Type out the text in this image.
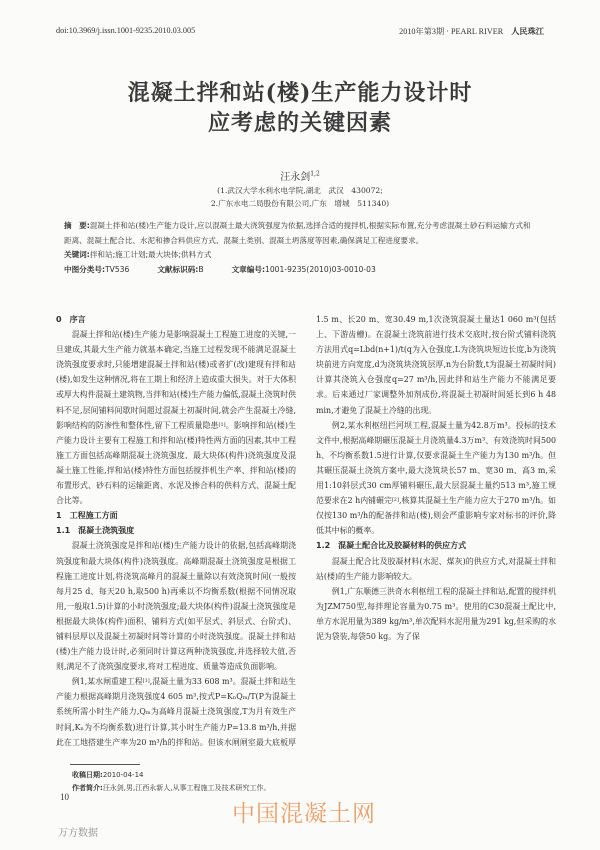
doi:10.3969/j.issn.1001-9235.2010.03.005	2010年第3期 · PEARL RIVER 人民珠江
混凝土拌和站(楼)生产能力设计时
应考虑的关键因素
汪永剑$^{1,2}$
(1.武汉大学水利水电学院,湖北　武汉　430072;
2.广东水电二局股份有限公司,广东　增城　511340)
摘　要:混凝土拌和站(楼)生产能力设计,应以混凝土最大浇筑强度为依据,选择合适的搅拌机,根据实际布置,充分考虑混凝土砂石料运输方式和距离、混凝土配合比、水泥和掺合料供应方式、混凝土类别、混凝土坍落度等因素,确保满足工程进度要求。
关键词:拌和站;施工计划;最大块体;供料方式
中图分类号:TV536	文献标识码:B	文章编号:1001-9235(2010)03-0010-03
收稿日期:2010-04-14
作者简介:汪永剑,男,江西永新人,从事工程施工及技术研究工作。
10
中国混凝土网
万方数据
0　序言

混凝土拌和站(楼)生产能力是影响混凝土工程施工进度的关键,一旦建成,其最大生产能力就基本确定,当施工过程发现不能满足混凝土浇筑强度要求时,只能增建混凝土拌和站(楼)或者扩(改)建现有拌和站(楼),如发生这种情况,将在工期上和经济上造成重大损失。对于大体积或厚大构件混凝土建筑物,当拌和站(楼)生产能力偏低,混凝土浇筑时供料不足,层间铺料间歇时间超过混凝土初凝时间,就会产生混凝土冷缝,影响结构的防渗性和整体性,留下工程质量隐患[1]。影响拌和站(楼)生产能力设计主要有工程施工和拌和站(楼)特性两方面的因素,其中工程施工方面包括高峰期混凝土浇筑强度、最大块体(构件)浇筑强度及混凝土施工性能,拌和站(楼)特性方面包括搅拌机生产率、拌和站(楼)的布置形式、砂石料的运输距离、水泥及掺合料的供料方式、混凝土配合比等。

1　工程施工方面
1.1　混凝土浇筑强度

混凝土浇筑强度是拌和站(楼)生产能力设计的依据,包括高峰期浇筑强度和最大块体(构件)浇筑强度。高峰期混凝土浇筑强度是根据工程施工进度计划,将浇筑高峰月的混凝土量除以有效浇筑时间(一般按每月25 d、每天20 h,取500 h)再乘以不均衡系数(根据不同情况取用,一般取1.5)计算的小时浇筑强度;最大块体(构件)混凝土浇筑强度是根据最大块体(构件)面积、铺料方式(如平层式、斜层式、台阶式)、铺料层厚以及混凝土初凝时间等计算的小时浇筑强度。混凝土拌和站(楼)生产能力设计时,必须同时计算这两种浇筑强度,并选择较大值,否则,满足不了浇筑强度要求,将对工程进度、质量等造成负面影响。

例1,某水闸重建工程[1],混凝土量为33 608 m³。混凝土拌和站生产能力根据高峰期月浇筑强度4 605 m³,按式P=KₙQₘ/T(P为混凝土系统所需小时生产能力,Qₘ为高峰月混凝土浇筑强度,T为月有效生产时间,Kₙ为不均衡系数)进行计算,其小时生产能力P=13.8 m³/h,并据此在工地搭建生产率为20 m³/h的拌和站。但该水闸闸室最大底板厚1.5 m、长20 m、宽30.49 m,1次浇筑混凝土量达1 060 m³(包括上、下游齿槽)。在混凝土浇筑前进行技术交底时,按台阶式铺料浇筑方法用式q=Lbd(n+1)/t(q为入仓强度,L为浇筑块短边长度,b为浇筑块前进方向宽度,d为浇筑块浇筑层厚,n为台阶数,t为混凝土初凝时间)计算其浇筑入仓强度q=27 m³/h,因此拌和站生产能力不能满足要求。后来通过厂家调整外加剂成份,将混凝土初凝时间延长到6 h 48 min,才避免了混凝土冷缝的出现。

例2,某水利枢纽拦河坝工程,混凝土量为42.8万m³。投标的技术文件中,根据高峰期碾压混凝土月浇筑量4.3万m³、有效浇筑时间500 h、不均衡系数1.5进行计算,仅要求混凝土生产能力为130 m³/h。但其碾压混凝土浇筑方案中,最大浇筑块长57 m、宽30 m、高3 m,采用1:10斜层式30 cm厚铺料碾压,最大层混凝土量约513 m³,施工规范要求在2 h内铺碾完[2],核算其混凝土生产能力应大于270 m³/h。如仅按130 m³/h的配备拌和站(楼),则会严重影响专家对标书的评价,降低其中标的概率。

1.2　混凝土配合比及胶凝材料的供应方式

混凝土配合比及胶凝材料(水泥、煤灰)的供应方式,对混凝土拌和站(楼)的生产能力影响较大。

例1,广东顺德三洪奇水利枢纽工程的混凝土拌和站,配置的搅拌机为JZM750型,每拌理论容量为0.75 m³。使用的C30混凝土配比中,单方水泥用量为389 kg/m³,单次配料水泥用量为291 kg,但采购的水泥为袋装,每袋50 kg。为了保
